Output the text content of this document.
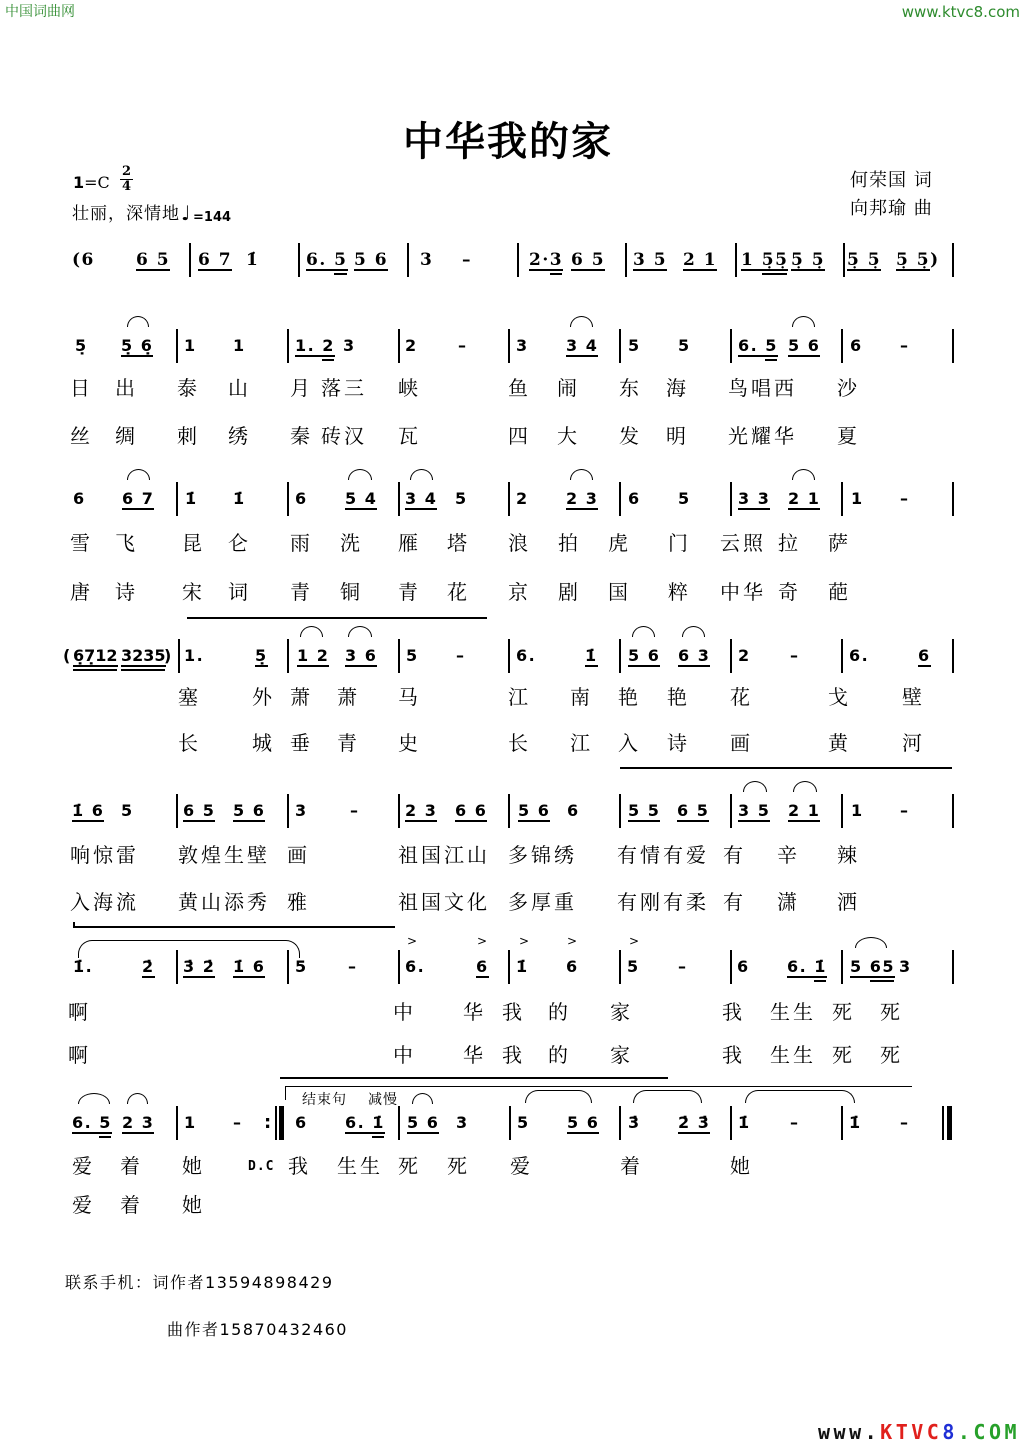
中国词曲网	www.ktvc8.com
中华我的家
1=C
2
4
壮丽，深情地 ♩ =144
何荣国 词
向邦瑜 曲
(6 6 5 6 7 1̇	6. 5 5 6 3 –	2·3 6 5 3 5 2 1 1 5̣5̣ 5̣ 5̣ 5̣ 5̣ 5̣ 5̣)
5̣ 5̣ 6̣ 1 1	1. 2 3	2	–	3 3 4 5 5	6. 5 5 6 6 –
日 出 泰 山 月 落三 峡	鱼 闹 东 海 鸟唱西 沙
丝 绸 刺 绣 秦 砖汉 瓦	四 大 发 明 光耀华 夏
6 6 7 1̇ 1̇	6 5 4 3 4 5	2 2 3 6 5	3 3 2 1 1 –
雪 飞 昆 仑 雨 洗 雁 塔 浪 拍 虎 门 云照 拉 萨
唐 诗 宋 词 青 铜 青 花 京 剧 国 粹 中华 奇 葩
( 6̣7̣12 3235
) 1.	5̣ 1 2 3 6 5 –	6.	1̇ 5 6 6 3 2 –	6.	6
塞	外 萧 萧 马	江 南 艳 艳 花	戈	壁
长	城 垂 青 史	长 江 入 诗 画	黄	河
1̇ 6 5	6 5 5 6 3	–	2 3 6 6 5 6 6	5 5 6 5 3 5 2 1 1 –
响惊雷 敦煌生壁 画	祖国江山 多锦绣 有情有爱 有 辛 辣
入海流 黄山添秀 雅	祖国文化 多厚重 有刚有柔 有 潇 洒
1̇.	2̇ 3̇ 2̇ 1̇ 6 5	–
>
6.
>
6
>
1̇
>
6
>
5 –	6 6. 1̇ 5 65 3
啊	中 华 我 的 家	我 生生 死 死
啊	中 华 我 的 家	我 生生 死 死
结束句 减慢
6. 5 2 3 1 – : 6 6. 1̇ 5 6 3	5 5 6 3̇ 2̇ 3̇ 1̇ –	1̇ –
爱 着 她	D.C 我 生生 死 死 爱	着	她
爱 着 她
联系手机：词作者13594898429
曲作者15870432460
www.KTVC8.COM
